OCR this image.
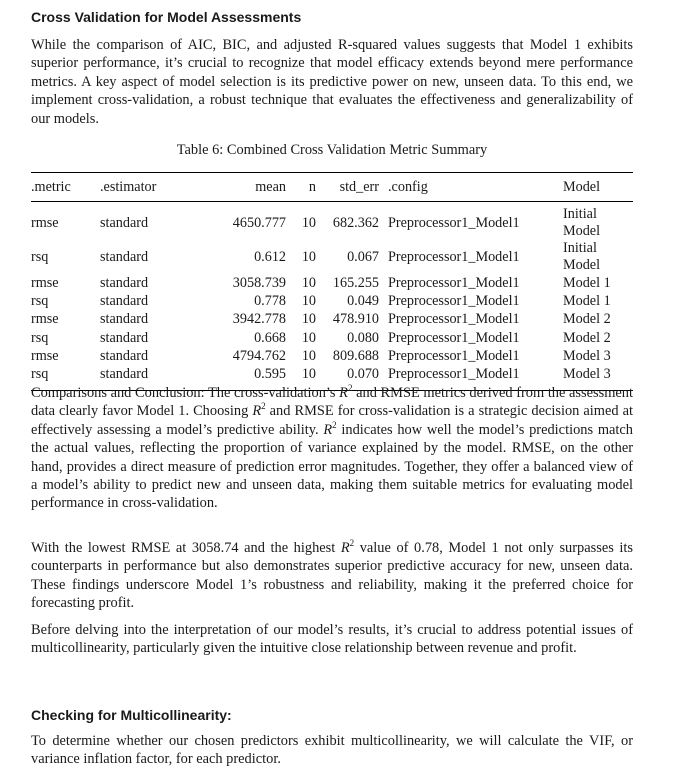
Cross Validation for Model Assessments

While the comparison of AIC, BIC, and adjusted R-squared values suggests that Model 1 exhibits superior performance, it’s crucial to recognize that model efficacy extends beyond mere performance metrics. A key aspect of model selection is its predictive power on new, unseen data. To this end, we implement cross-validation, a robust technique that evaluates the effectiveness and generalizability of our models.

Table 6: Combined Cross Validation Metric Summary
.metric	.estimator	mean	n	std_err	.config	Model
rmse	standard	4650.777	10	682.362	Preprocessor1_Model1	Initial Model
rsq	standard	0.612	10	0.067	Preprocessor1_Model1	Initial Model
rmse	standard	3058.739	10	165.255	Preprocessor1_Model1	Model 1
rsq	standard	0.778	10	0.049	Preprocessor1_Model1	Model 1
rmse	standard	3942.778	10	478.910	Preprocessor1_Model1	Model 2
rsq	standard	0.668	10	0.080	Preprocessor1_Model1	Model 2
rmse	standard	4794.762	10	809.688	Preprocessor1_Model1	Model 3
rsq	standard	0.595	10	0.070	Preprocessor1_Model1	Model 3

Comparisons and Conclusion: The cross-validation’s $R^2$ and RMSE metrics derived from the assessment data clearly favor Model 1. Choosing $R^2$ and RMSE for cross-validation is a strategic decision aimed at effectively assessing a model’s predictive ability. $R^2$ indicates how well the model’s predictions match the actual values, reflecting the proportion of variance explained by the model. RMSE, on the other hand, provides a direct measure of prediction error magnitudes. Together, they offer a balanced view of a model’s ability to predict new and unseen data, making them suitable metrics for evaluating model performance in cross-validation.

With the lowest RMSE at 3058.74 and the highest $R^2$ value of 0.78, Model 1 not only surpasses its counterparts in performance but also demonstrates superior predictive accuracy for new, unseen data. These findings underscore Model 1’s robustness and reliability, making it the preferred choice for forecasting profit.

Before delving into the interpretation of our model’s results, it’s crucial to address potential issues of multicollinearity, particularly given the intuitive close relationship between revenue and profit.

Checking for Multicollinearity:

To determine whether our chosen predictors exhibit multicollinearity, we will calculate the VIF, or variance inflation factor, for each predictor.
